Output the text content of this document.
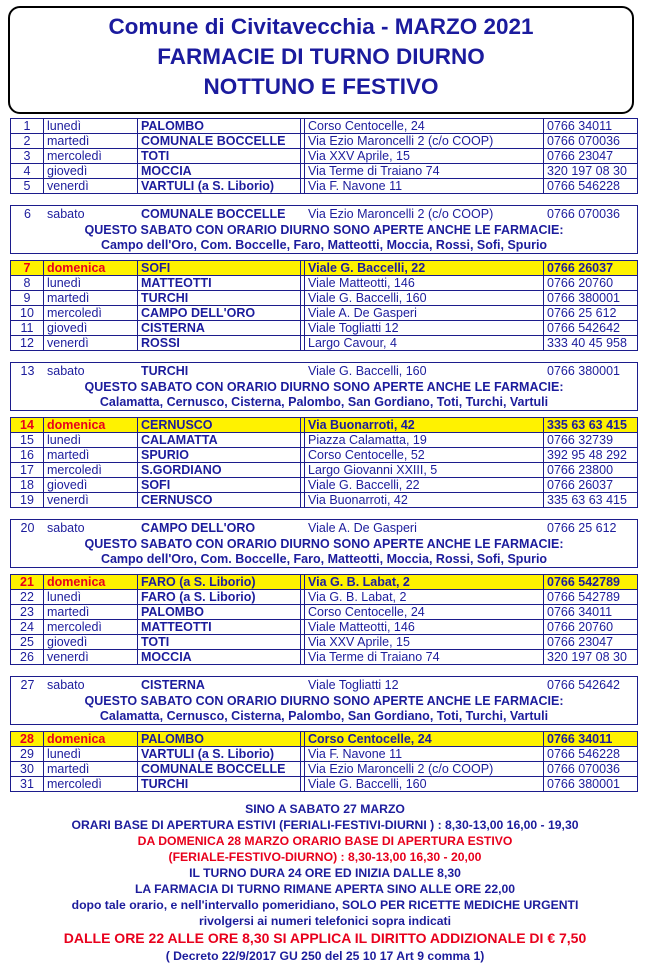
Comune di Civitavecchia - MARZO 2021
FARMACIE DI TURNO DIURNO
NOTTUNO E FESTIVO
1	lunedì	PALOMBO	Corso Centocelle, 24	0766 34011
2	martedì	COMUNALE BOCCELLE	Via Ezio Maroncelli 2 (c/o COOP)	0766 070036
3	mercoledì	TOTI	Via XXV Aprile, 15	0766 23047
4	giovedì	MOCCIA	Via Terme di Traiano 74	320 197 08 30
5	venerdì	VARTULI (a S. Liborio)	Via F. Navone 11	0766 546228
6	sabato	COMUNALE BOCCELLE	Via Ezio Maroncelli 2 (c/o COOP)	0766 070036
QUESTO SABATO CON ORARIO DIURNO SONO APERTE ANCHE LE FARMACIE:
Campo dell'Oro, Com. Boccelle, Faro, Matteotti, Moccia, Rossi, Sofi, Spurio
7	domenica	SOFI	Viale G. Baccelli, 22	0766 26037
8	lunedì	MATTEOTTI	Viale Matteotti, 146	0766 20760
9	martedì	TURCHI	Viale G. Baccelli, 160	0766 380001
10	mercoledì	CAMPO DELL'ORO	Viale A. De Gasperi	0766 25 612
11	giovedì	CISTERNA	Viale Togliatti 12	0766 542642
12	venerdì	ROSSI	Largo Cavour, 4	333 40 45 958
13	sabato	TURCHI	Viale G. Baccelli, 160	0766 380001
QUESTO SABATO CON ORARIO DIURNO SONO APERTE ANCHE LE FARMACIE:
Calamatta, Cernusco, Cisterna, Palombo, San Gordiano, Toti, Turchi, Vartuli
14	domenica	CERNUSCO	Via Buonarroti, 42	335 63 63 415
15	lunedì	CALAMATTA	Piazza Calamatta, 19	0766 32739
16	martedì	SPURIO	Corso Centocelle, 52	392 95 48 292
17	mercoledì	S.GORDIANO	Largo Giovanni XXIII, 5	0766 23800
18	giovedì	SOFI	Viale G. Baccelli, 22	0766 26037
19	venerdì	CERNUSCO	Via Buonarroti, 42	335 63 63 415
20	sabato	CAMPO DELL'ORO	Viale A. De Gasperi	0766 25 612
QUESTO SABATO CON ORARIO DIURNO SONO APERTE ANCHE LE FARMACIE:
Campo dell'Oro, Com. Boccelle, Faro, Matteotti, Moccia, Rossi, Sofi, Spurio
21	domenica	FARO (a S. Liborio)	Via G. B. Labat, 2	0766 542789
22	lunedì	FARO (a S. Liborio)	Via G. B. Labat, 2	0766 542789
23	martedì	PALOMBO	Corso Centocelle, 24	0766 34011
24	mercoledì	MATTEOTTI	Viale Matteotti, 146	0766 20760
25	giovedì	TOTI	Via XXV Aprile, 15	0766 23047
26	venerdì	MOCCIA	Via Terme di Traiano 74	320 197 08 30
27	sabato	CISTERNA	Viale Togliatti 12	0766 542642
QUESTO SABATO CON ORARIO DIURNO SONO APERTE ANCHE LE FARMACIE:
Calamatta, Cernusco, Cisterna, Palombo, San Gordiano, Toti, Turchi, Vartuli
28	domenica	PALOMBO	Corso Centocelle, 24	0766 34011
29	lunedì	VARTULI (a S. Liborio)	Via F. Navone 11	0766 546228
30	martedì	COMUNALE BOCCELLE	Via Ezio Maroncelli 2 (c/o COOP)	0766 070036
31	mercoledì	TURCHI	Viale G. Baccelli, 160	0766 380001
SINO A SABATO 27 MARZO
ORARI BASE DI APERTURA ESTIVI (FERIALI-FESTIVI-DIURNI ) : 8,30-13,00 16,00 - 19,30
DA DOMENICA 28 MARZO ORARIO BASE DI APERTURA ESTIVO
(FERIALE-FESTIVO-DIURNO) : 8,30-13,00 16,30 - 20,00
IL TURNO DURA 24 ORE ED INIZIA DALLE 8,30
LA FARMACIA DI TURNO RIMANE APERTA SINO ALLE ORE 22,00
dopo tale orario, e nell'intervallo pomeridiano, SOLO PER RICETTE MEDICHE URGENTI
rivolgersi ai numeri telefonici sopra indicati
DALLE ORE 22 ALLE ORE 8,30 SI APPLICA IL DIRITTO ADDIZIONALE DI € 7,50
( Decreto 22/9/2017 GU 250 del 25 10 17 Art 9 comma 1)
